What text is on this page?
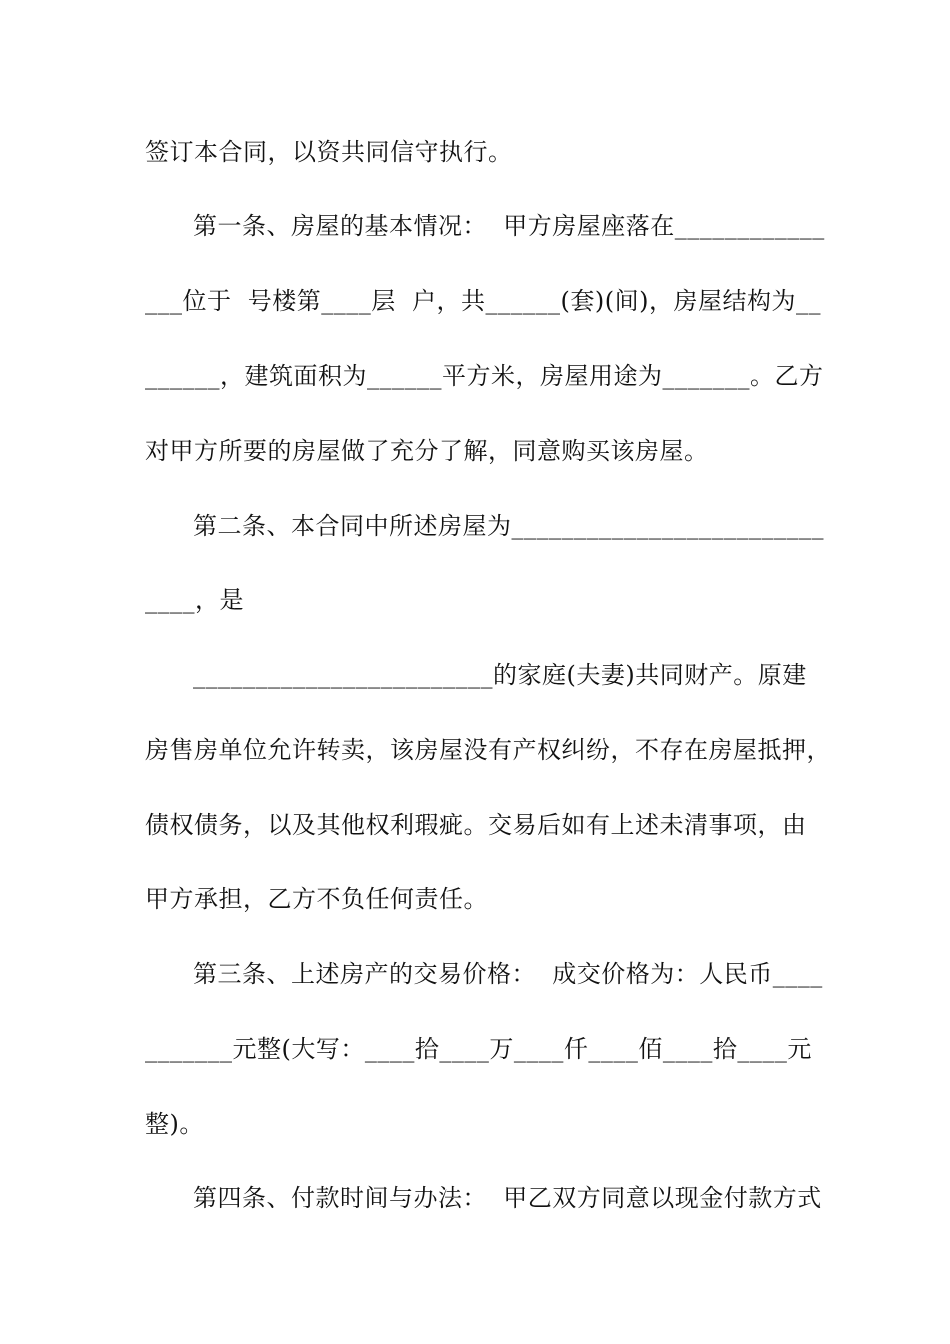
签订本合同，以资共同信守执行。
第一条、房屋的基本情况：  甲方房屋座落在____________
___位于  号楼第____层  户，共______(套)(间)，房屋结构为__
______，建筑面积为______平方米，房屋用途为_______。乙方
对甲方所要的房屋做了充分了解，同意购买该房屋。
第二条、本合同中所述房屋为_________________________
____，是
________________________的家庭(夫妻)共同财产。原建
房售房单位允许转卖，该房屋没有产权纠纷，不存在房屋抵押，
债权债务，以及其他权利瑕疵。交易后如有上述未清事项，由
甲方承担，乙方不负任何责任。
第三条、上述房产的交易价格：  成交价格为：人民币____
_______元整(大写：____拾____万____仟____佰____拾____元
整)。
第四条、付款时间与办法：  甲乙双方同意以现金付款方式
